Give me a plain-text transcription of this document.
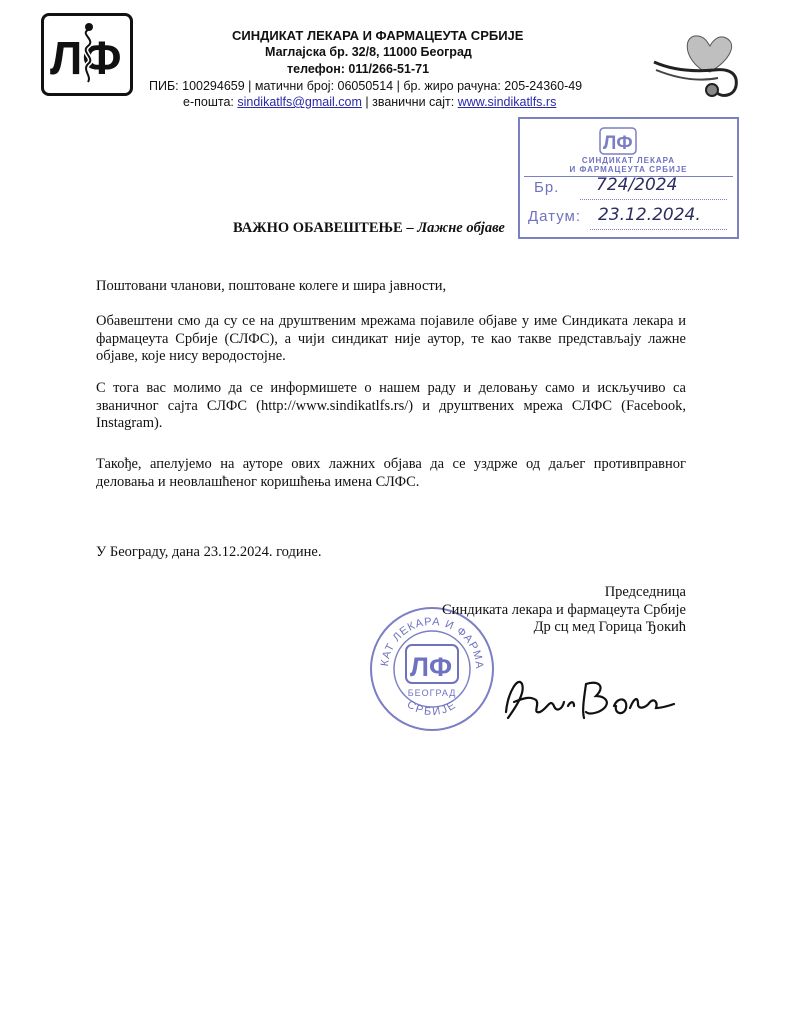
ЛФ	СИНДИКАТ ЛЕКАРА И ФАРМАЦЕУТА СРБИЈЕ
Маглајска бр. 32/8, 11000 Београд
телефон: 011/266-51-71
ПИБ: 100294659 | матични број: 06050514 | бр. жиро рачуна: 205-24360-49
е-пошта: sindikatlfs@gmail.com | званични сајт: www.sindikatlfs.rs
ЛФ
СИНДИКАТ ЛЕКАРА
И ФАРМАЦЕУТА СРБИЈЕ
Бр. 724/2024
Датум: 23.12.2024.
ВАЖНО ОБАВЕШТЕЊЕ – Лажне објаве
Поштовани чланови, поштоване колеге и шира јавности,
Обавештени смо да су се на друштвеним мрежама појавиле објаве у име Синдиката лекара и фармацеута Србије (СЛФС), а чији синдикат није аутор, те као такве представљају лажне објаве, које нису веродостојне.
С тога вас молимо да се информишете о нашем раду и деловању само и искључиво са званичног сајта СЛФС (http://www.sindikatlfs.rs/) и друштвених мрежа СЛФС (Facebook, Instagram).
Такође, апелујемо на ауторе ових лажних објава да се уздрже од даљег противправног деловања и неовлашћеног коришћења имена СЛФС.
У Београду, дана 23.12.2024. године.
КАТ ЛЕКАРА И ФАРМА
СРБИЈЕ
ЛФ
БЕОГРАД
Председница
Синдиката лекара и фармацеута Србије
Др сц мед Горица Ђокић
